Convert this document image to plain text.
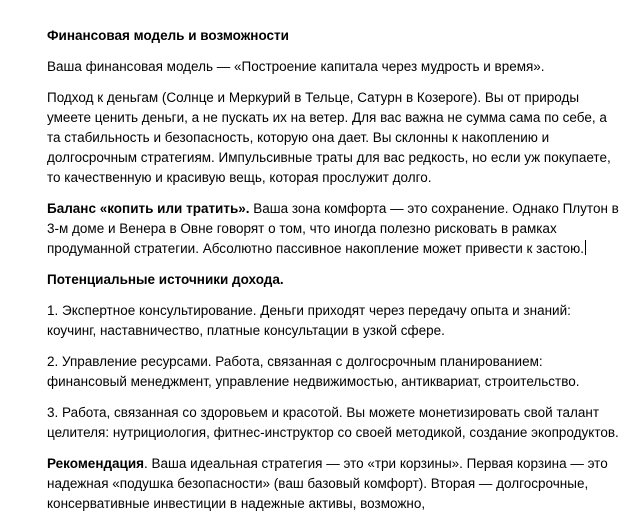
Финансовая модель и возможности
Ваша финансовая модель — «Построение капитала через мудрость и время».
Подход к деньгам (Солнце и Меркурий в Тельце, Сатурн в Козероге). Вы от природы умеете ценить деньги, а не пускать их на ветер. Для вас важна не сумма сама по себе, а та стабильность и безопасность, которую она дает. Вы склонны к накоплению и долгосрочным стратегиям. Импульсивные траты для вас редкость, но если уж покупаете, то качественную и красивую вещь, которая прослужит долго.
Баланс «копить или тратить». Ваша зона комфорта — это сохранение. Однако Плутон в 3-м доме и Венера в Овне говорят о том, что иногда полезно рисковать в рамках продуманной стратегии. Абсолютно пассивное накопление может привести к застою.
Потенциальные источники дохода.
1. Экспертное консультирование. Деньги приходят через передачу опыта и знаний: коучинг, наставничество, платные консультации в узкой сфере.
2. Управление ресурсами. Работа, связанная с долгосрочным планированием: финансовый менеджмент, управление недвижимостью, антиквариат, строительство.
3. Работа, связанная со здоровьем и красотой. Вы можете монетизировать свой талант целителя: нутрициология, фитнес-инструктор со своей методикой, создание экопродуктов.
Рекомендация. Ваша идеальная стратегия — это «три корзины». Первая корзина — это надежная «подушка безопасности» (ваш базовый комфорт). Вторая — долгосрочные, консервативные инвестиции в надежные активы, возможно,
